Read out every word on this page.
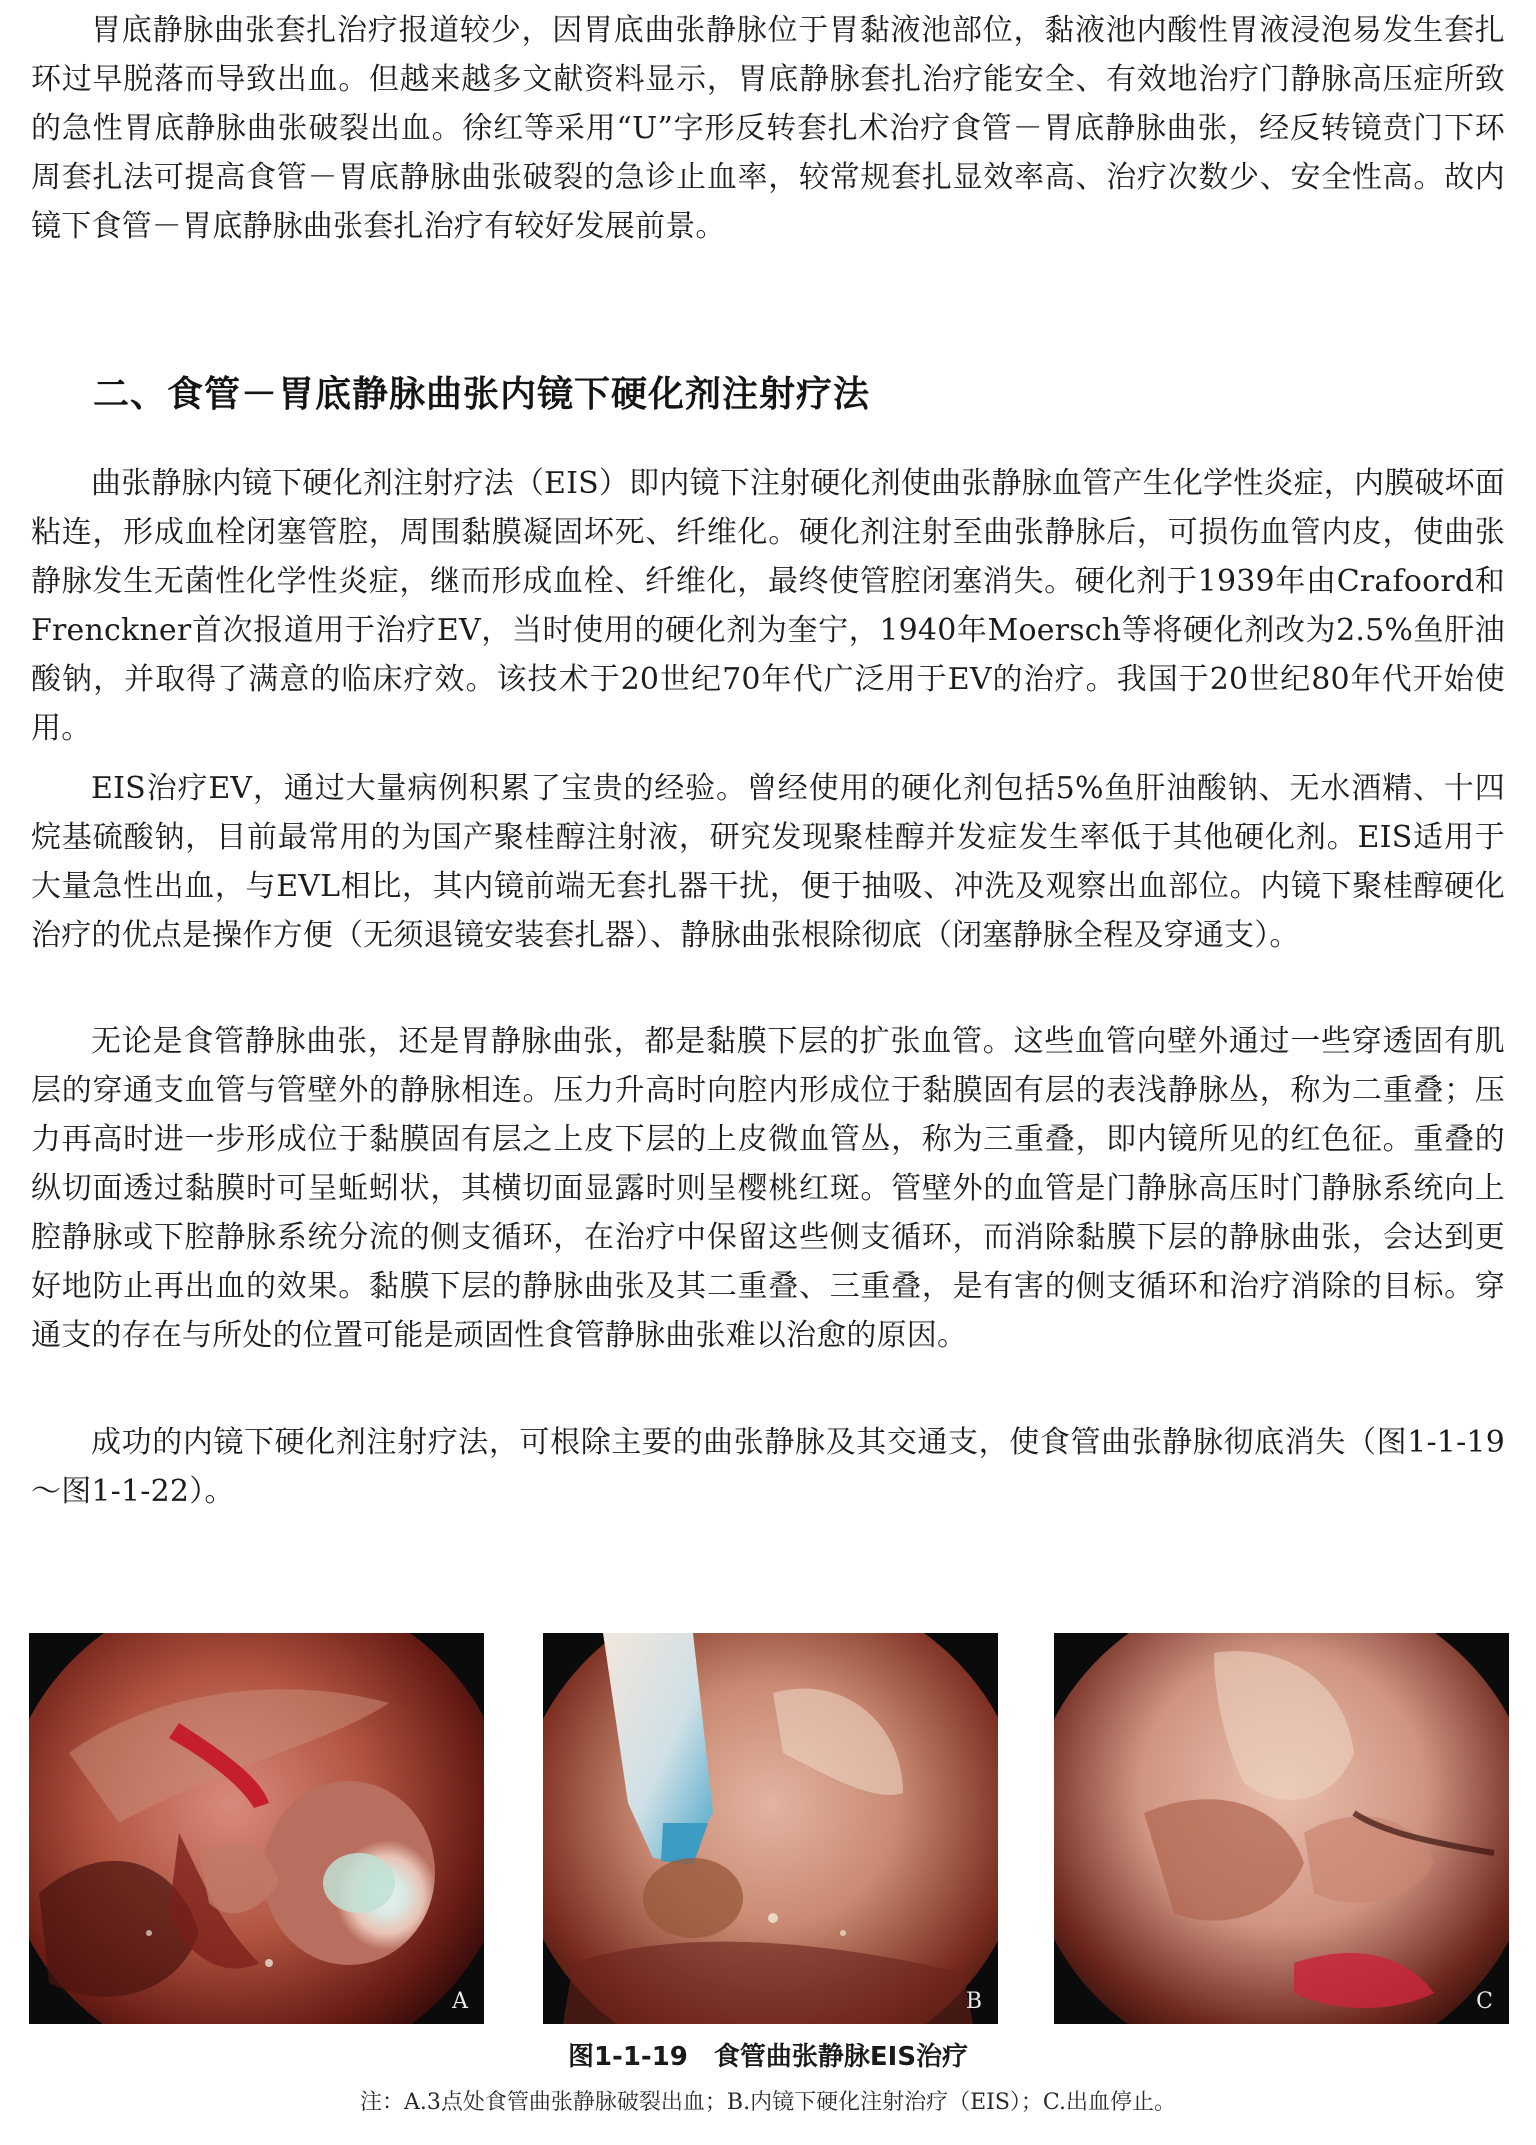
胃底静脉曲张套扎治疗报道较少，因胃底曲张静脉位于胃黏液池部位，黏液池内酸性胃液浸泡易发生套扎环过早脱落而导致出血。但越来越多文献资料显示，胃底静脉套扎治疗能安全、有效地治疗门静脉高压症所致的急性胃底静脉曲张破裂出血。徐红等采用“U”字形反转套扎术治疗食管－胃底静脉曲张，经反转镜贲门下环周套扎法可提高食管－胃底静脉曲张破裂的急诊止血率，较常规套扎显效率高、治疗次数少、安全性高。故内镜下食管－胃底静脉曲张套扎治疗有较好发展前景。

二、食管－胃底静脉曲张内镜下硬化剂注射疗法

曲张静脉内镜下硬化剂注射疗法（EIS）即内镜下注射硬化剂使曲张静脉血管产生化学性炎症，内膜破坏面粘连，形成血栓闭塞管腔，周围黏膜凝固坏死、纤维化。硬化剂注射至曲张静脉后，可损伤血管内皮，使曲张静脉发生无菌性化学性炎症，继而形成血栓、纤维化，最终使管腔闭塞消失。硬化剂于1939年由Crafoord和Frenckner首次报道用于治疗EV，当时使用的硬化剂为奎宁，1940年Moersch等将硬化剂改为2.5%鱼肝油酸钠，并取得了满意的临床疗效。该技术于20世纪70年代广泛用于EV的治疗。我国于20世纪80年代开始使用。

EIS治疗EV，通过大量病例积累了宝贵的经验。曾经使用的硬化剂包括5%鱼肝油酸钠、无水酒精、十四烷基硫酸钠，目前最常用的为国产聚桂醇注射液，研究发现聚桂醇并发症发生率低于其他硬化剂。EIS适用于大量急性出血，与EVL相比，其内镜前端无套扎器干扰，便于抽吸、冲洗及观察出血部位。内镜下聚桂醇硬化治疗的优点是操作方便（无须退镜安装套扎器）、静脉曲张根除彻底（闭塞静脉全程及穿通支）。

无论是食管静脉曲张，还是胃静脉曲张，都是黏膜下层的扩张血管。这些血管向壁外通过一些穿透固有肌层的穿通支血管与管壁外的静脉相连。压力升高时向腔内形成位于黏膜固有层的表浅静脉丛，称为二重叠；压力再高时进一步形成位于黏膜固有层之上皮下层的上皮微血管丛，称为三重叠，即内镜所见的红色征。重叠的纵切面透过黏膜时可呈蚯蚓状，其横切面显露时则呈樱桃红斑。管壁外的血管是门静脉高压时门静脉系统向上腔静脉或下腔静脉系统分流的侧支循环，在治疗中保留这些侧支循环，而消除黏膜下层的静脉曲张，会达到更好地防止再出血的效果。黏膜下层的静脉曲张及其二重叠、三重叠，是有害的侧支循环和治疗消除的目标。穿通支的存在与所处的位置可能是顽固性食管静脉曲张难以治愈的原因。

成功的内镜下硬化剂注射疗法，可根除主要的曲张静脉及其交通支，使食管曲张静脉彻底消失（图1-1-19 ～图1-1-22）。

A	B	C
图1-1-19 食管曲张静脉EIS治疗
注：A.3点处食管曲张静脉破裂出血；B.内镜下硬化注射治疗（EIS）；C.出血停止。
